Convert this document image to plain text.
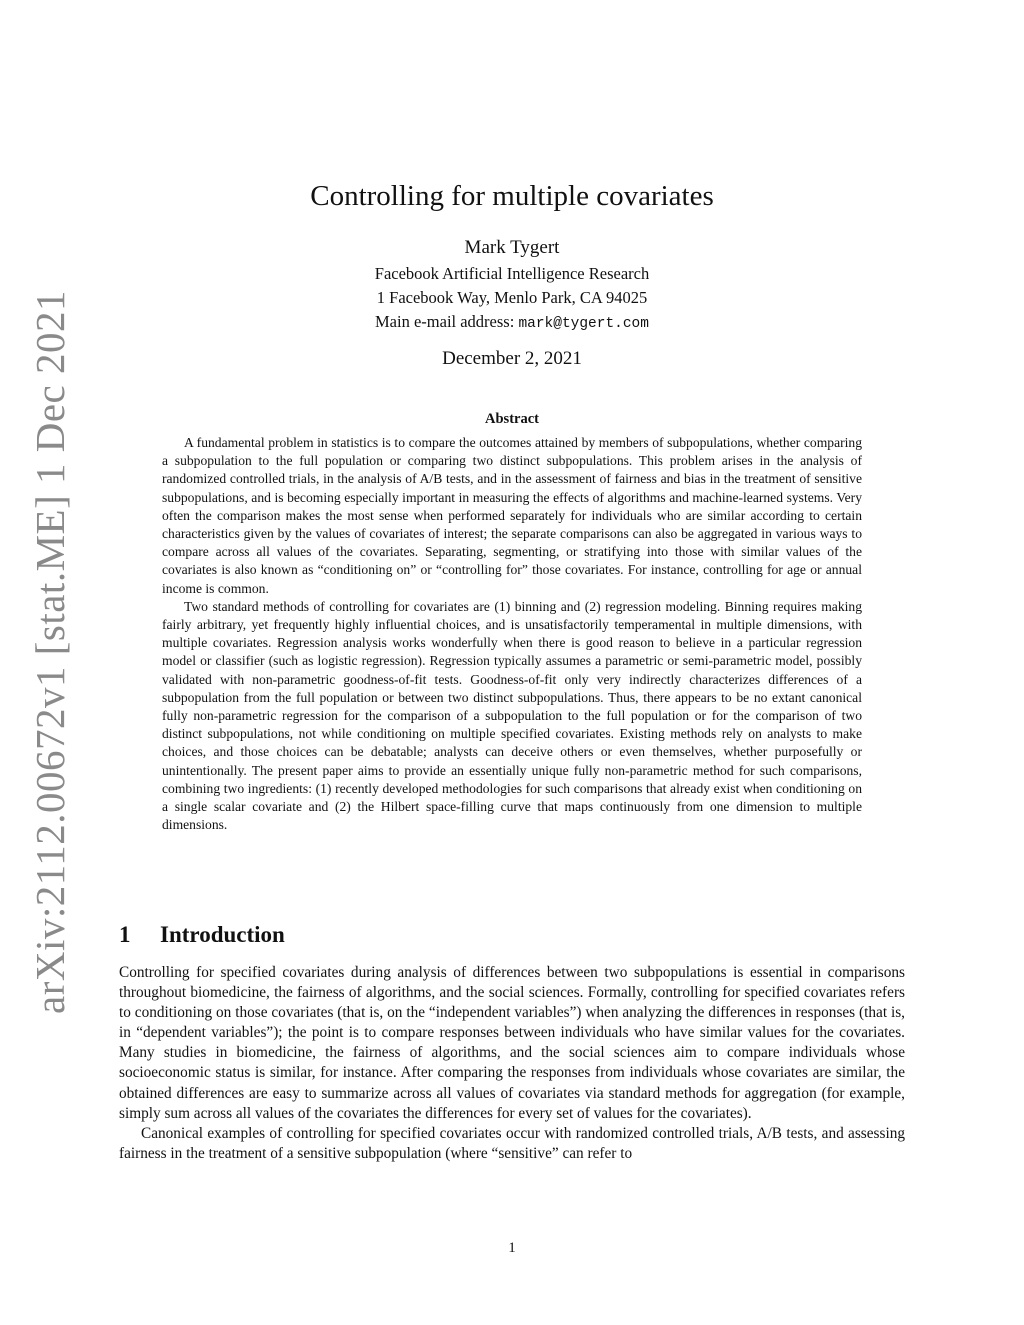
arXiv:2112.00672v1 [stat.ME] 1 Dec 2021
Controlling for multiple covariates
Mark Tygert
Facebook Artificial Intelligence Research
1 Facebook Way, Menlo Park, CA 94025
Main e-mail address: mark@tygert.com
December 2, 2021
Abstract

A fundamental problem in statistics is to compare the outcomes attained by members of subpopulations, whether comparing a subpopulation to the full population or comparing two distinct subpopulations. This problem arises in the analysis of randomized controlled trials, in the analysis of A/B tests, and in the assessment of fairness and bias in the treatment of sensitive subpopulations, and is becoming especially important in measuring the effects of algorithms and machine-learned systems. Very often the comparison makes the most sense when performed separately for individuals who are similar according to certain characteristics given by the values of covariates of interest; the separate comparisons can also be aggregated in various ways to compare across all values of the covariates. Separating, segmenting, or stratifying into those with similar values of the covariates is also known as “conditioning on” or “controlling for” those covariates. For instance, controlling for age or annual income is common.

Two standard methods of controlling for covariates are (1) binning and (2) regression modeling. Binning requires making fairly arbitrary, yet frequently highly influential choices, and is unsatisfactorily temperamental in multiple dimensions, with multiple covariates. Regression analysis works wonderfully when there is good reason to believe in a particular regression model or classifier (such as logistic regression). Regression typically assumes a parametric or semi-parametric model, possibly validated with non-parametric goodness-of-fit tests. Goodness-of-fit only very indirectly characterizes differences of a subpopulation from the full population or between two distinct subpopulations. Thus, there appears to be no extant canonical fully non-parametric regression for the comparison of a subpopulation to the full population or for the comparison of two distinct subpopulations, not while conditioning on multiple specified covariates. Existing methods rely on analysts to make choices, and those choices can be debatable; analysts can deceive others or even themselves, whether purposefully or unintentionally. The present paper aims to provide an essentially unique fully non-parametric method for such comparisons, combining two ingredients: (1) recently developed methodologies for such comparisons that already exist when conditioning on a single scalar covariate and (2) the Hilbert space-filling curve that maps continuously from one dimension to multiple dimensions.

1 Introduction

Controlling for specified covariates during analysis of differences between two subpopulations is essential in comparisons throughout biomedicine, the fairness of algorithms, and the social sciences. Formally, controlling for specified covariates refers to conditioning on those covariates (that is, on the “independent variables”) when analyzing the differences in responses (that is, in “dependent variables”); the point is to compare responses between individuals who have similar values for the covariates. Many studies in biomedicine, the fairness of algorithms, and the social sciences aim to compare individuals whose socioeconomic status is similar, for instance. After comparing the responses from individuals whose covariates are similar, the obtained differences are easy to summarize across all values of covariates via standard methods for aggregation (for example, simply sum across all values of the covariates the differences for every set of values for the covariates).

Canonical examples of controlling for specified covariates occur with randomized controlled trials, A/B tests, and assessing fairness in the treatment of a sensitive subpopulation (where “sensitive” can refer to

1
